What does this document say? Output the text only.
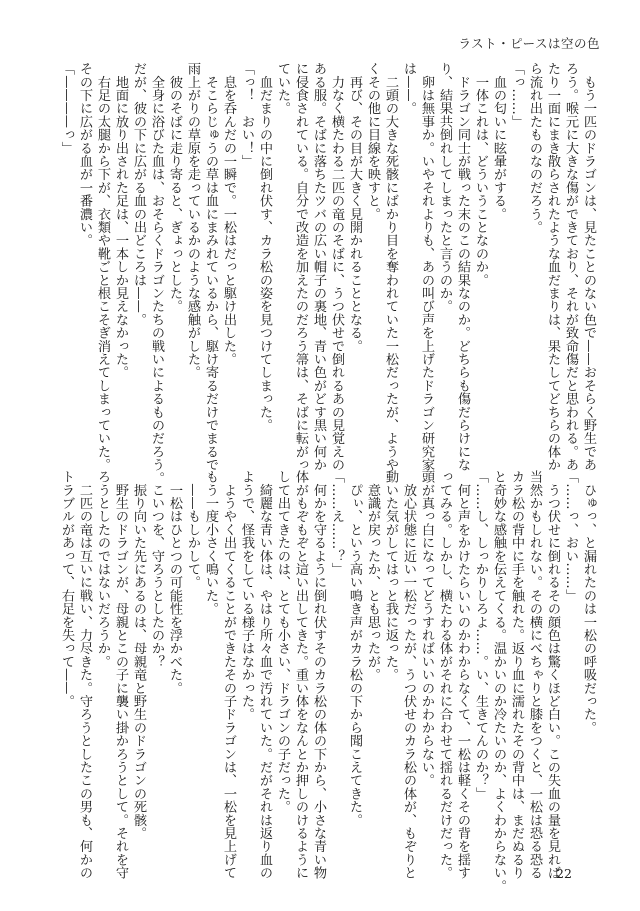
ラスト・ピースは空の色
　もう一匹のドラゴンは、見たことのない色で——おそらく野生であ
ろう。喉元に大きな傷ができており、それが致命傷だと思われる。あ
たり一面にまき散らされたような血だまりは、果たしてどちらの体か
ら流れ出たものなのだろう。
「っ……」
　血の匂いに眩暈がする。
　一体これは、どういうことなのか。
　ドラゴン同士が戦った末のこの結果なのか。どちらも傷だらけにな
り、結果共倒れしてしまったと言うのか。
　卵は無事か。いやそれよりも、あの叫び声を上げたドラゴン研究家
は——。
　二頭の大きな死骸にばかり目を奪われていた一松だったが、ようや
くその他に目線を映すと。
　再び、その目が大きく見開かれることとなる。
　力なく横たわる二匹の竜のそばに、うつ伏せで倒れるあの見覚えの
ある服。そばに落ちたツバの広い帽子の裏地、青い色がどす黒い何か
に侵食されている。自分で改造を加えたのだろう箒は、そばに転がっ
ていた。
　血だまりの中に倒れ伏す、カラ松の姿を見つけてしまった。
「っ！　おい！」
　息を呑んだの一瞬で。一松はだっと駆け出した。
　そこらじゅうの草は血にまみれているから、駆け寄るだけでまるで
雨上がりの草原を走っているかのような感触がした。
　彼のそばに走り寄ると、ぎょっとした。
　全身に浴びた血は、おそらくドラゴンたちの戦いによるものだろう。
だが、彼の下に広がる血の出どころは——。
　地面に放り出された足は、一本しか見えなかった。
　右足の太腿から下が、衣類や靴ごと根こそぎ消えてしまっていた。
その下に広がる血が一番濃い。
「————っ」
　ひゅっ、と漏れたのは一松の呼吸だった。
「……っ、おい……」
　うつ伏せに倒れるその顔色は驚くほど白い。この失血の量を見れば
当然かもしれない。その横にべちゃりと膝をつくと、一松は恐る恐る
カラ松の背中に手を触れた。返り血に濡れたその背中は、まだぬるり
と奇妙な感触を伝えてくる。温かいのか冷たいのか、よくわからない。
「……し、しっかりしろよ……。い、生きてんのか？」
　何と声をかけたらいいのかわからなくて、一松は軽くその背を揺す
ってみる。しかし、横たわる体がそれに合わせて揺れるだけだった。
頭が真っ白になってどうすればいいのかわからない。
　放心状態に近い一松だったが、うつ伏せのカラ松の体が、もぞりと
動いた気がしてはっと我に返った。
　意識が戻ったか、とも思ったが。
　ぴぃ、という高い鳴き声がカラ松の下から聞こえてきた。
「……え……？」
　何かを守るように倒れ伏すそのカラ松の体の下から、小さな青い物
体がもぞもぞと這い出してきた。重い体をなんとか押しのけるように
して出てきたのは、とても小さい、ドラゴンの子だった。
　綺麗な青い体は、やはり所々血で汚れていた。だがそれは返り血の
ようで、怪我をしている様子はなかった。
　ようやく出てくることができたその子ドラゴンは、一松を見上げて
もう一度小さく鳴いた。
　——もしかして。
　一松はひとつの可能性を浮かべた。
　こいつを、守ろうとしたのか？
　振り向いた先にあるのは、母親竜と野生のドラゴンの死骸。
　野生のドラゴンが、母親とこの子に襲い掛かろうとして。それを守
ろうとしたのではないだろうか。
　二匹の竜は互いに戦い、力尽きた。守ろうとしたこの男も、何かの
トラブルがあって、右足を失って——。
22
